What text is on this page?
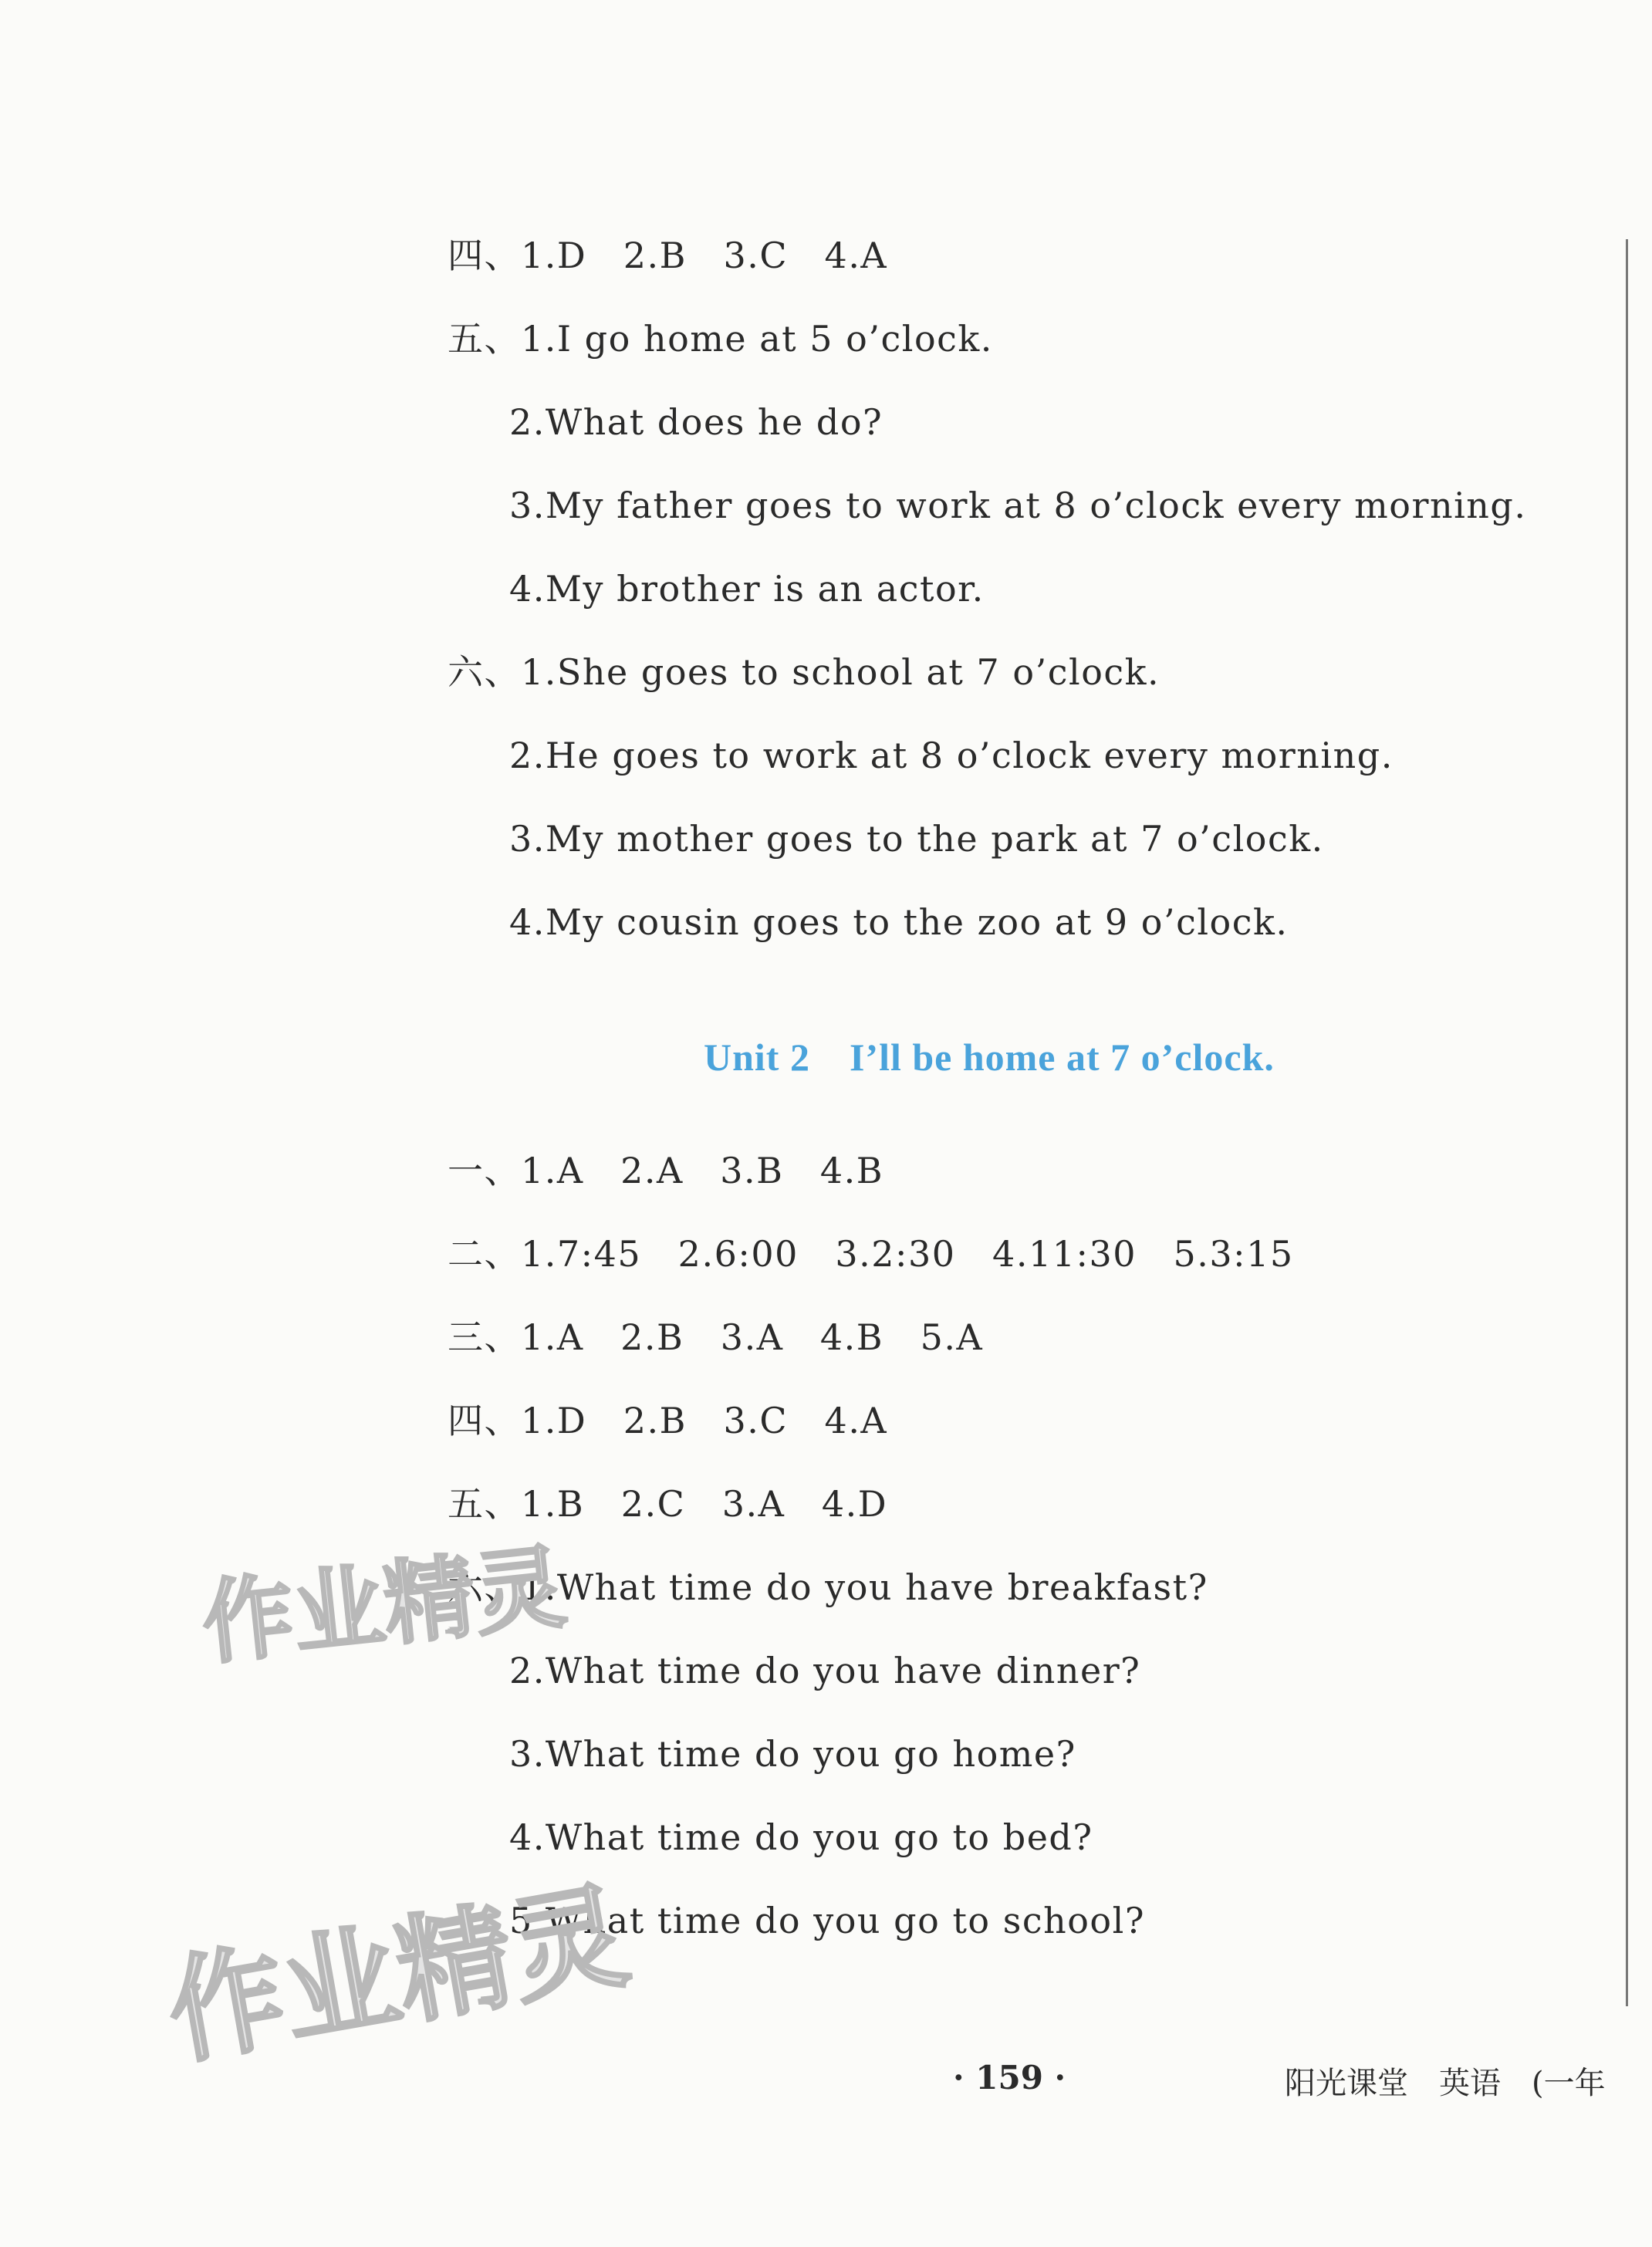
四、1.D　2.B　3.C　4.A
五、1.I go home at 5 o’clock.
2.What does he do?
3.My father goes to work at 8 o’clock every morning.
4.My brother is an actor.
六、1.She goes to school at 7 o’clock.
2.He goes to work at 8 o’clock every morning.
3.My mother goes to the park at 7 o’clock.
4.My cousin goes to the zoo at 9 o’clock.
Unit 2　I’ll be home at 7 o’clock.
一、1.A　2.A　3.B　4.B
二、1.7:45　2.6:00　3.2:30　4.11:30　5.3:15
三、1.A　2.B　3.A　4.B　5.A
四、1.D　2.B　3.C　4.A
五、1.B　2.C　3.A　4.D
六、1.What time do you have breakfast?
2.What time do you have dinner?
3.What time do you go home?
4.What time do you go to bed?
5.What time do you go to school?
作业精灵
作业精灵	· 159 ·	阳光课堂　英语　(一年
